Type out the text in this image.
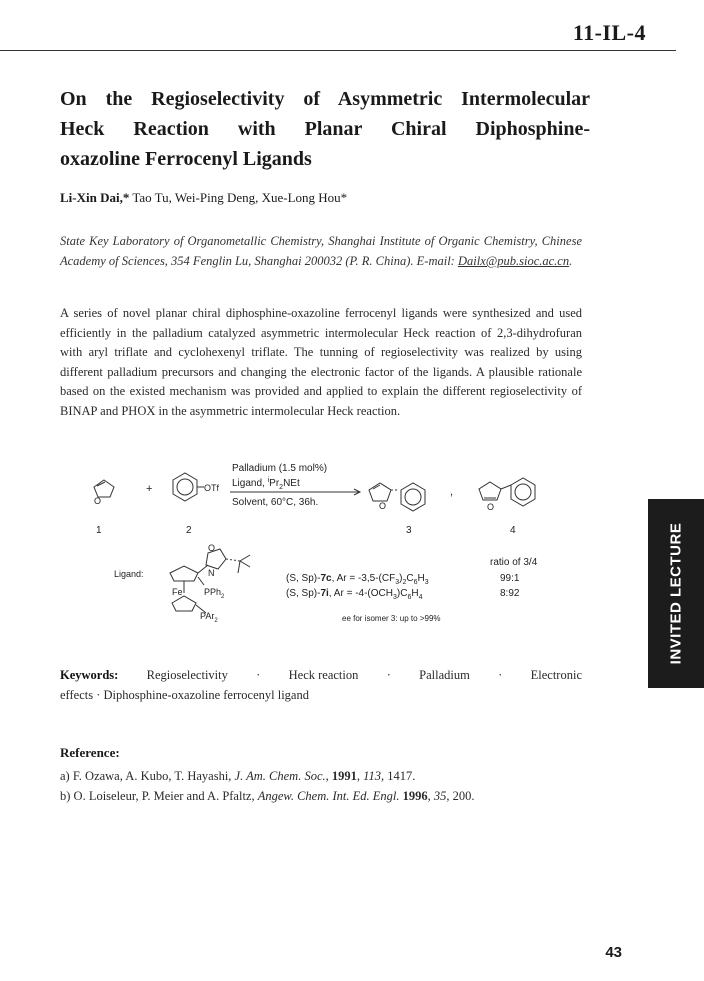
11-IL-4
On the Regioselectivity of Asymmetric Intermolecular
Heck Reaction with Planar Chiral Diphosphine-
oxazoline Ferrocenyl Ligands
Li-Xin Dai,* Tao Tu, Wei-Ping Deng, Xue-Long Hou*
State Key Laboratory of Organometallic Chemistry, Shanghai Institute of Organic Chemistry, Chinese Academy of Sciences, 354 Fenglin Lu, Shanghai 200032 (P. R. China). E-mail: Dailx@pub.sioc.ac.cn.

A series of novel planar chiral diphosphine-oxazoline ferrocenyl ligands were synthesized and used efficiently in the palladium catalyzed asymmetric intermolecular Heck reaction of 2,3-dihydrofuran with aryl triflate and cyclohexenyl triflate. The tunning of regioselectivity was realized by using different palladium precursors and changing the electronic factor of the ligands. A plausible rationale based on the existed mechanism was provided and applied to explain the different regioselectivity of BINAP and PHOX in the asymmetric intermolecular Heck reaction.

O
+	OTf
Palladium (1.5 mol%)
Ligand, $^iPr_2NEt$
Solvent, 60°C, 36h.	O
,
O
1	2	3	4
Ligand:
O
N
Fe PPh$_2$
PAr$_2$
ratio of 3/4
(S, Sp)-7c, $Ar = -3,5-(CF_3)_2C_6H_3$	99:1
(S, Sp)-7i, $Ar = -4-(OCH_3)C_6H_4$	8:92
ee for isomer 3: up to >99%
Keywords: Regioselectivity · Heck reaction · Palladium · Electronic
effects · Diphosphine-oxazoline ferrocenyl ligand
Reference:
a) F. Ozawa, A. Kubo, T. Hayashi, J. Am. Chem. Soc., 1991, 113, 1417.
b) O. Loiseleur, P. Meier and A. Pfaltz, Angew. Chem. Int. Ed. Engl. 1996, 35, 200.
INVITED LECTURE
43
